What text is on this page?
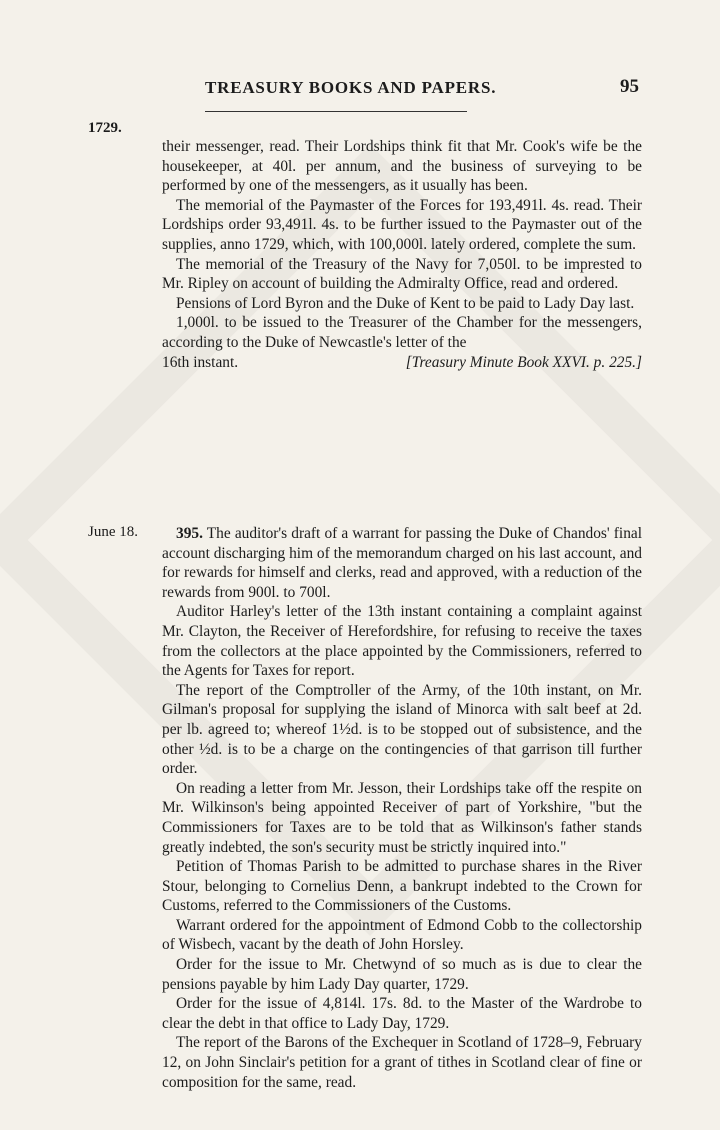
TREASURY BOOKS AND PAPERS.	95
1729.
June 18.

their messenger, read. Their Lordships think fit that Mr. Cook's wife be the housekeeper, at 40l. per annum, and the business of surveying to be performed by one of the messengers, as it usually has been.

The memorial of the Paymaster of the Forces for 193,491l. 4s. read. Their Lordships order 93,491l. 4s. to be further issued to the Paymaster out of the supplies, anno 1729, which, with 100,000l. lately ordered, complete the sum.

The memorial of the Treasury of the Navy for 7,050l. to be imprested to Mr. Ripley on account of building the Admiralty Office, read and ordered.

Pensions of Lord Byron and the Duke of Kent to be paid to Lady Day last.

1,000l. to be issued to the Treasurer of the Chamber for the messengers, according to the Duke of Newcastle's letter of the

16th instant.	[Treasury Minute Book XXVI. p. 225.]

395. The auditor's draft of a warrant for passing the Duke of Chandos' final account discharging him of the memorandum charged on his last account, and for rewards for himself and clerks, read and approved, with a reduction of the rewards from 900l. to 700l.

Auditor Harley's letter of the 13th instant containing a complaint against Mr. Clayton, the Receiver of Herefordshire, for refusing to receive the taxes from the collectors at the place appointed by the Commissioners, referred to the Agents for Taxes for report.

The report of the Comptroller of the Army, of the 10th instant, on Mr. Gilman's proposal for supplying the island of Minorca with salt beef at 2d. per lb. agreed to; whereof 1½d. is to be stopped out of subsistence, and the other ½d. is to be a charge on the contingencies of that garrison till further order.

On reading a letter from Mr. Jesson, their Lordships take off the respite on Mr. Wilkinson's being appointed Receiver of part of Yorkshire, "but the Commissioners for Taxes are to be told that as Wilkinson's father stands greatly indebted, the son's security must be strictly inquired into."

Petition of Thomas Parish to be admitted to purchase shares in the River Stour, belonging to Cornelius Denn, a bankrupt indebted to the Crown for Customs, referred to the Commissioners of the Customs.

Warrant ordered for the appointment of Edmond Cobb to the collectorship of Wisbech, vacant by the death of John Horsley.

Order for the issue to Mr. Chetwynd of so much as is due to clear the pensions payable by him Lady Day quarter, 1729.

Order for the issue of 4,814l. 17s. 8d. to the Master of the Wardrobe to clear the debt in that office to Lady Day, 1729.

The report of the Barons of the Exchequer in Scotland of 1728–9, February 12, on John Sinclair's petition for a grant of tithes in Scotland clear of fine or composition for the same, read.
